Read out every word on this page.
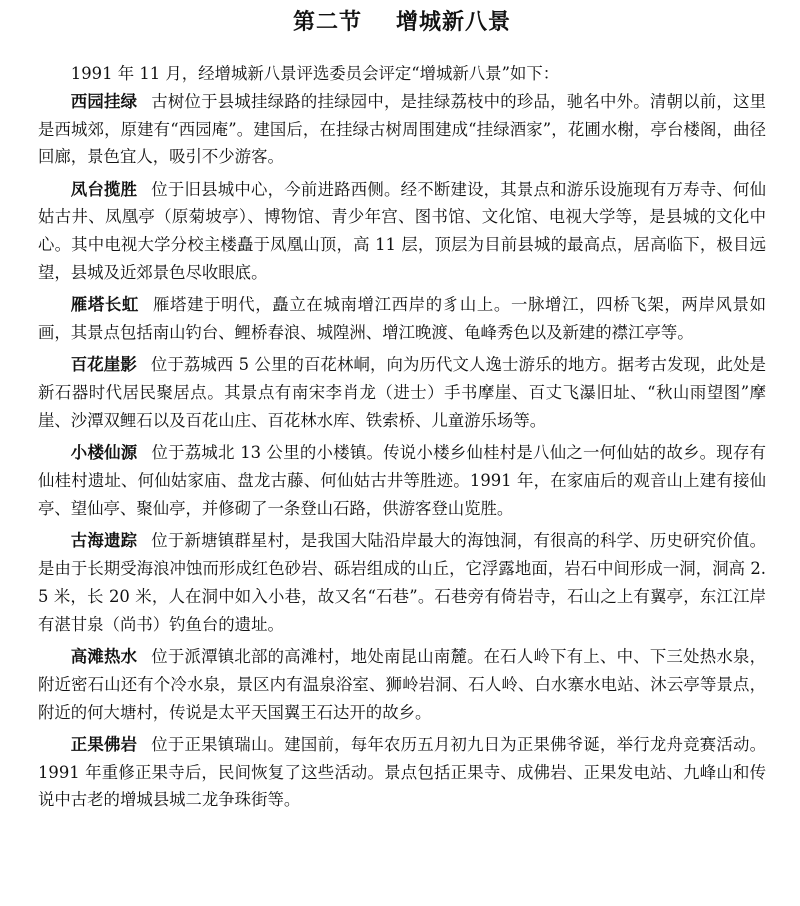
第二节 增城新八景

1991 年 11 月，经增城新八景评选委员会评定“增城新八景”如下：

西园挂绿 古树位于县城挂绿路的挂绿园中，是挂绿荔枝中的珍品，驰名中外。清朝以前，这里是西城郊，原建有“西园庵”。建国后，在挂绿古树周围建成“挂绿酒家”，花圃水榭，亭台楼阁，曲径回廊，景色宜人，吸引不少游客。

凤台揽胜 位于旧县城中心，今前进路西侧。经不断建设，其景点和游乐设施现有万寿寺、何仙姑古井、凤凰亭（原菊坡亭）、博物馆、青少年宫、图书馆、文化馆、电视大学等，是县城的文化中心。其中电视大学分校主楼矗于凤凰山顶，高 11 层，顶层为目前县城的最高点，居高临下，极目远望，县城及近郊景色尽收眼底。

雁塔长虹 雁塔建于明代，矗立在城南增江西岸的豸山上。一脉增江，四桥飞架，两岸风景如画，其景点包括南山钓台、鲤桥春浪、城隍洲、增江晚渡、龟峰秀色以及新建的襟江亭等。

百花崖影 位于荔城西 5 公里的百花林峒，向为历代文人逸士游乐的地方。据考古发现，此处是新石器时代居民聚居点。其景点有南宋李肖龙（进士）手书摩崖、百丈飞瀑旧址、“秋山雨望图”摩崖、沙潭双鲤石以及百花山庄、百花林水库、铁索桥、儿童游乐场等。

小楼仙源 位于荔城北 13 公里的小楼镇。传说小楼乡仙桂村是八仙之一何仙姑的故乡。现存有仙桂村遗址、何仙姑家庙、盘龙古藤、何仙姑古井等胜迹。1991 年，在家庙后的观音山上建有接仙亭、望仙亭、聚仙亭，并修砌了一条登山石路，供游客登山览胜。

古海遗踪 位于新塘镇群星村，是我国大陆沿岸最大的海蚀洞，有很高的科学、历史研究价值。是由于长期受海浪冲蚀而形成红色砂岩、砾岩组成的山丘，它浮露地面，岩石中间形成一洞，洞高 2.5 米，长 20 米，人在洞中如入小巷，故又名“石巷”。石巷旁有倚岩寺，石山之上有翼亭，东江江岸有湛甘泉（尚书）钓鱼台的遗址。

高滩热水 位于派潭镇北部的高滩村，地处南昆山南麓。在石人岭下有上、中、下三处热水泉，附近密石山还有个冷水泉，景区内有温泉浴室、狮岭岩洞、石人岭、白水寨水电站、沐云亭等景点，附近的何大塘村，传说是太平天国翼王石达开的故乡。

正果佛岩 位于正果镇瑞山。建国前，每年农历五月初九日为正果佛爷诞，举行龙舟竞赛活动。1991 年重修正果寺后，民间恢复了这些活动。景点包括正果寺、成佛岩、正果发电站、九峰山和传说中古老的增城县城二龙争珠街等。
